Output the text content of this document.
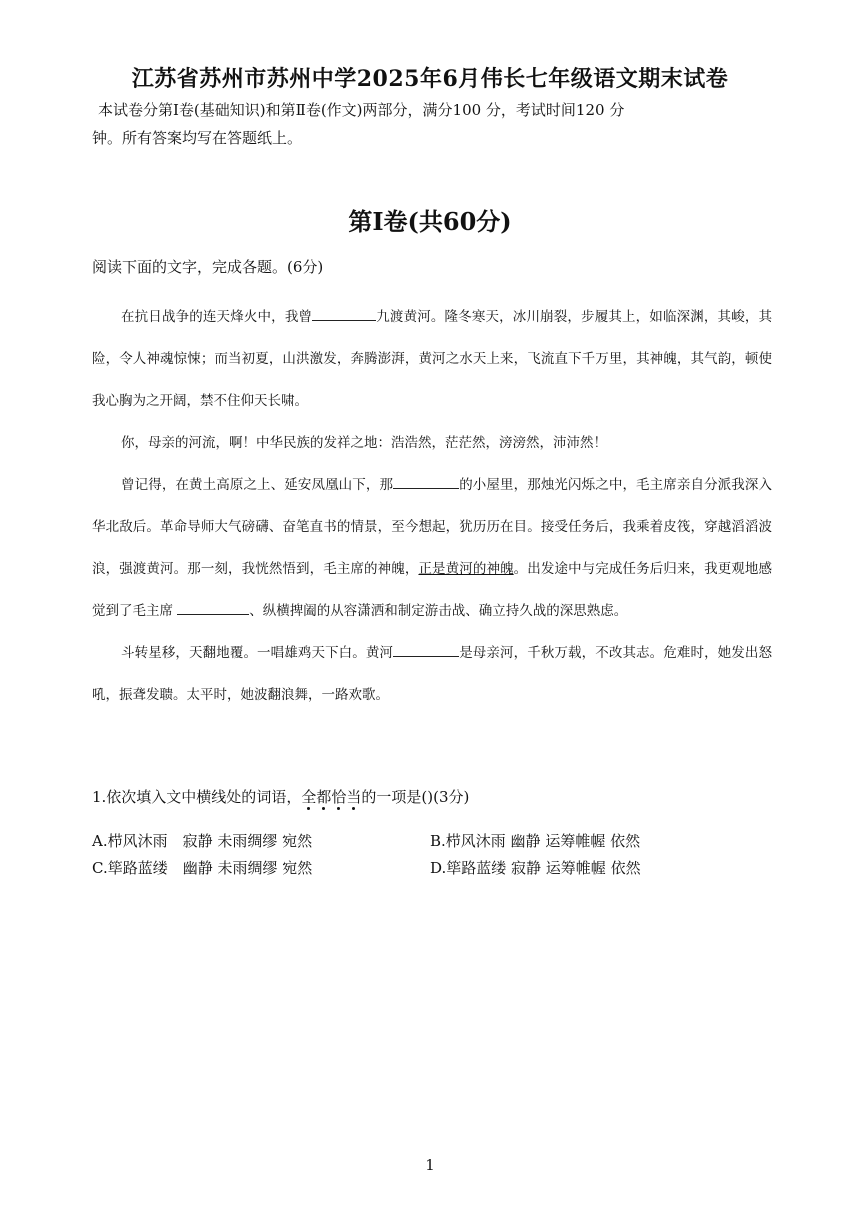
江苏省苏州市苏州中学2025年6月伟长七年级语文期末试卷
本试卷分第Ⅰ卷(基础知识)和第Ⅱ卷(作文)两部分，满分100 分，考试时间120 分
钟。所有答案均写在答题纸上。
第Ⅰ卷(共60分)
阅读下面的文字，完成各题。(6分)

在抗日战争的连天烽火中，我曾	九渡黄河。隆冬寒天，冰川崩裂，步履其上，如临深渊，其峻，其险，令人神魂惊悚；而当初夏，山洪激发，奔腾澎湃，黄河之水天上来，飞流直下千万里，其神魄，其气韵，顿使我心胸为之开阔，禁不住仰天长啸。

你，母亲的河流，啊！中华民族的发祥之地：浩浩然，茫茫然，滂滂然，沛沛然！

曾记得，在黄土高原之上、延安凤凰山下，那	的小屋里，那烛光闪烁之中，毛主席亲自分派我深入华北敌后。革命导师大气磅礴、奋笔直书的情景，至今想起，犹历历在目。接受任务后，我乘着皮筏，穿越滔滔波浪，强渡黄河。那一刻，我恍然悟到，毛主席的神魄，正是黄河的神魄。出发途中与完成任务后归来，我更观地感觉到了毛主席	、纵横捭阖的从容潇洒和制定游击战、确立持久战的深思熟虑。

斗转星移，天翻地覆。一唱雄鸡天下白。黄河	是母亲河，千秋万载，不改其志。危难时，她发出怒吼，振聋发聩。太平时，她波翻浪舞，一路欢歌。

1.依次填入文中横线处的词语，全都恰当的一项是()(3分)
A.栉风沐雨　寂静 未雨绸缪 宛然	B.栉风沐雨 幽静 运筹帷幄 依然
C.筚路蓝缕　幽静 未雨绸缪 宛然	D.筚路蓝缕 寂静 运筹帷幄 依然
1
